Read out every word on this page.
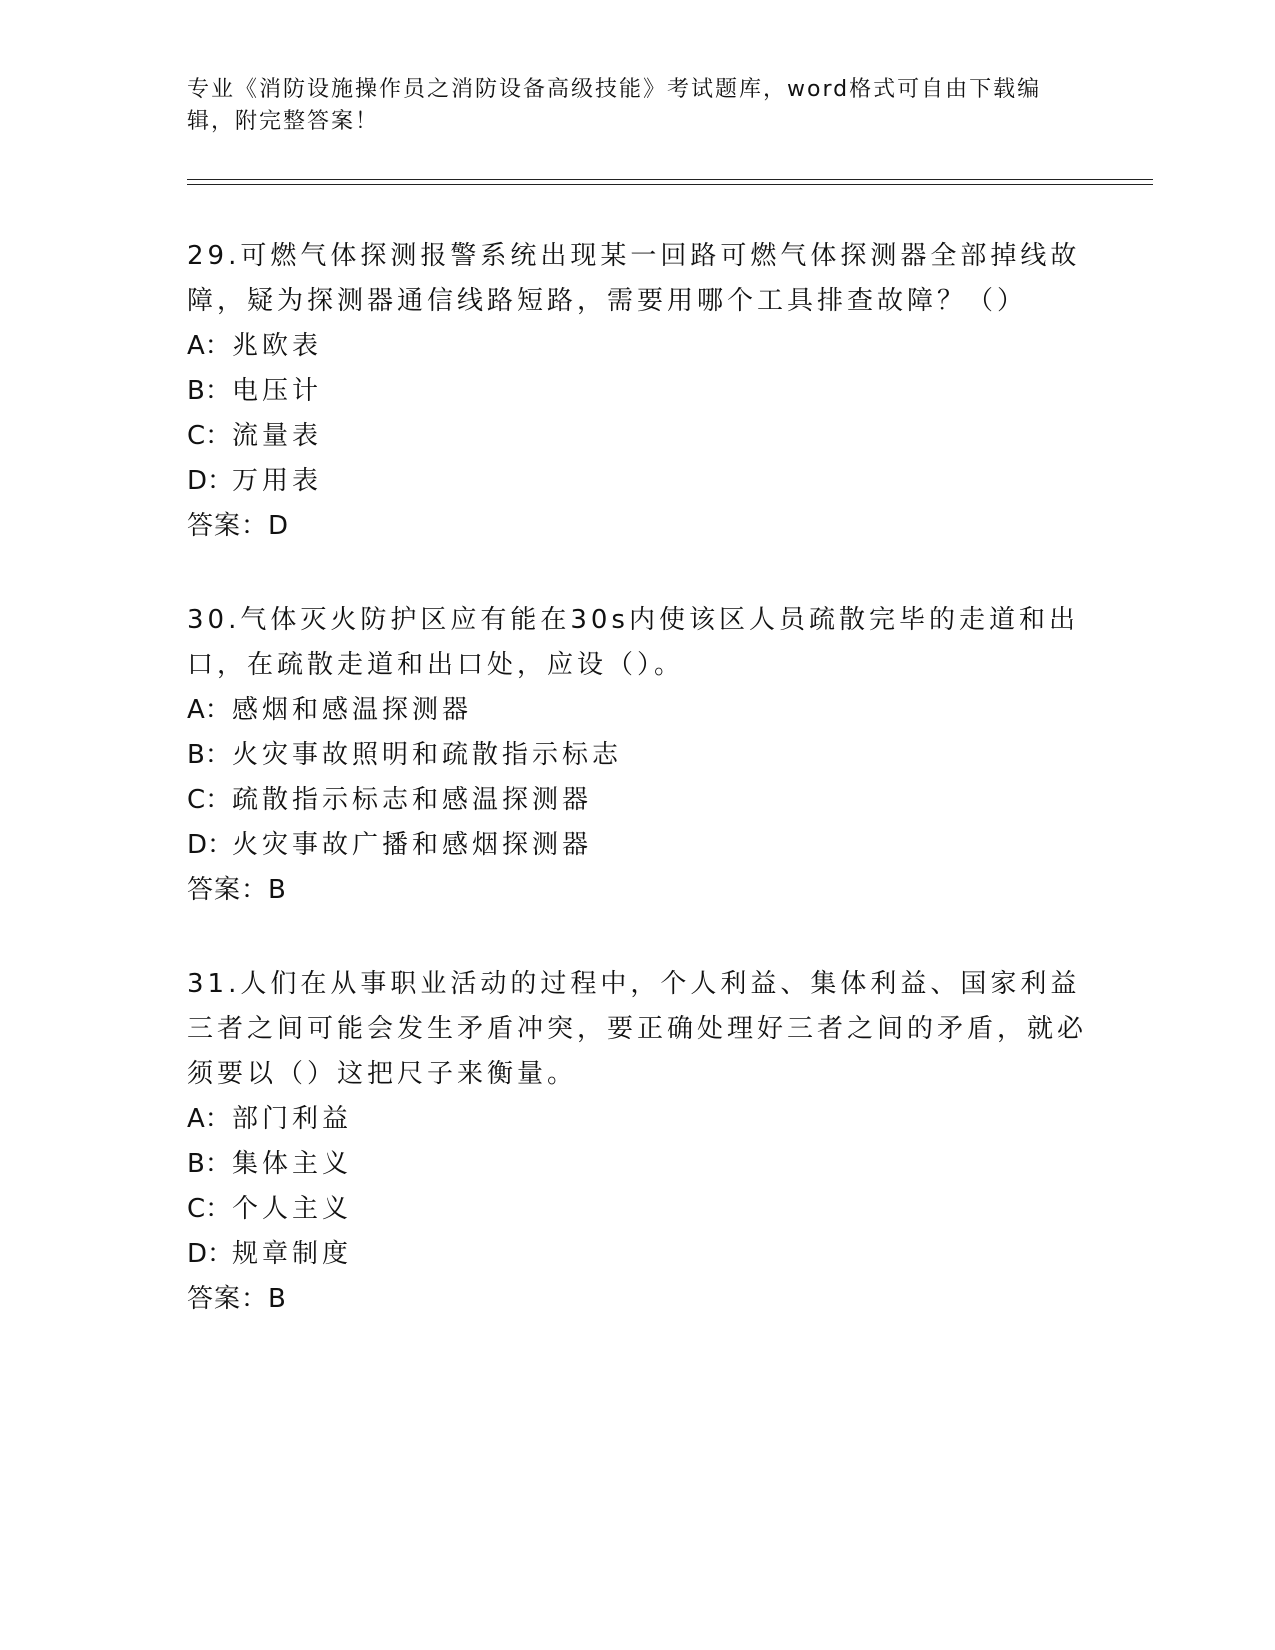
专业《消防设施操作员之消防设备高级技能》考试题库，word格式可自由下载编辑，附完整答案！

29.可燃气体探测报警系统出现某一回路可燃气体探测器全部掉线故障，疑为探测器通信线路短路，需要用哪个工具排查故障？（）

A：兆欧表

B：电压计

C：流量表

D：万用表

答案：D

30.气体灭火防护区应有能在30s内使该区人员疏散完毕的走道和出口，在疏散走道和出口处，应设（）。

A：感烟和感温探测器

B：火灾事故照明和疏散指示标志

C：疏散指示标志和感温探测器

D：火灾事故广播和感烟探测器

答案：B

31.人们在从事职业活动的过程中，个人利益、集体利益、国家利益三者之间可能会发生矛盾冲突，要正确处理好三者之间的矛盾，就必须要以（）这把尺子来衡量。

A：部门利益

B：集体主义

C：个人主义

D：规章制度

答案：B
